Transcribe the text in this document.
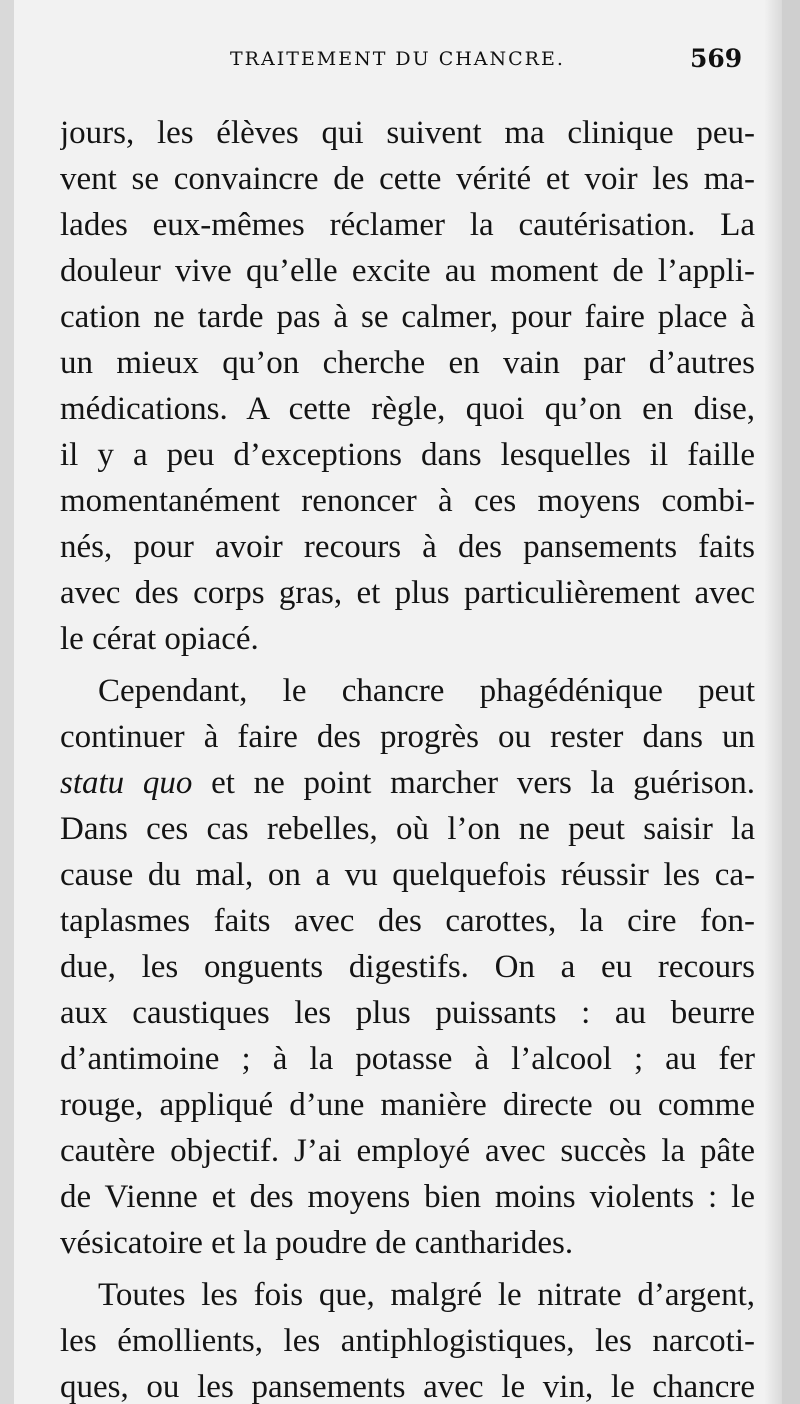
TRAITEMENT DU CHANCRE.	569
jours, les élèves qui suivent ma clinique peu-
vent se convaincre de cette vérité et voir les ma-
lades eux-mêmes réclamer la cautérisation. La
douleur vive qu’elle excite au moment de l’appli-
cation ne tarde pas à se calmer, pour faire place à
un mieux qu’on cherche en vain par d’autres
médications. A cette règle, quoi qu’on en dise,
il y a peu d’exceptions dans lesquelles il faille
momentanément renoncer à ces moyens combi-
nés, pour avoir recours à des pansements faits
avec des corps gras, et plus particulièrement avec
le cérat opiacé.
Cependant, le chancre phagédénique peut
continuer à faire des progrès ou rester dans un
statu quo et ne point marcher vers la guérison.
Dans ces cas rebelles, où l’on ne peut saisir la
cause du mal, on a vu quelquefois réussir les ca-
taplasmes faits avec des carottes, la cire fon-
due, les onguents digestifs. On a eu recours
aux caustiques les plus puissants : au beurre
d’antimoine ; à la potasse à l’alcool ; au fer
rouge, appliqué d’une manière directe ou comme
cautère objectif. J’ai employé avec succès la pâte
de Vienne et des moyens bien moins violents : le
vésicatoire et la poudre de cantharides.
Toutes les fois que, malgré le nitrate d’argent,
les émollients, les antiphlogistiques, les narcoti-
ques, ou les pansements avec le vin, le chancre
